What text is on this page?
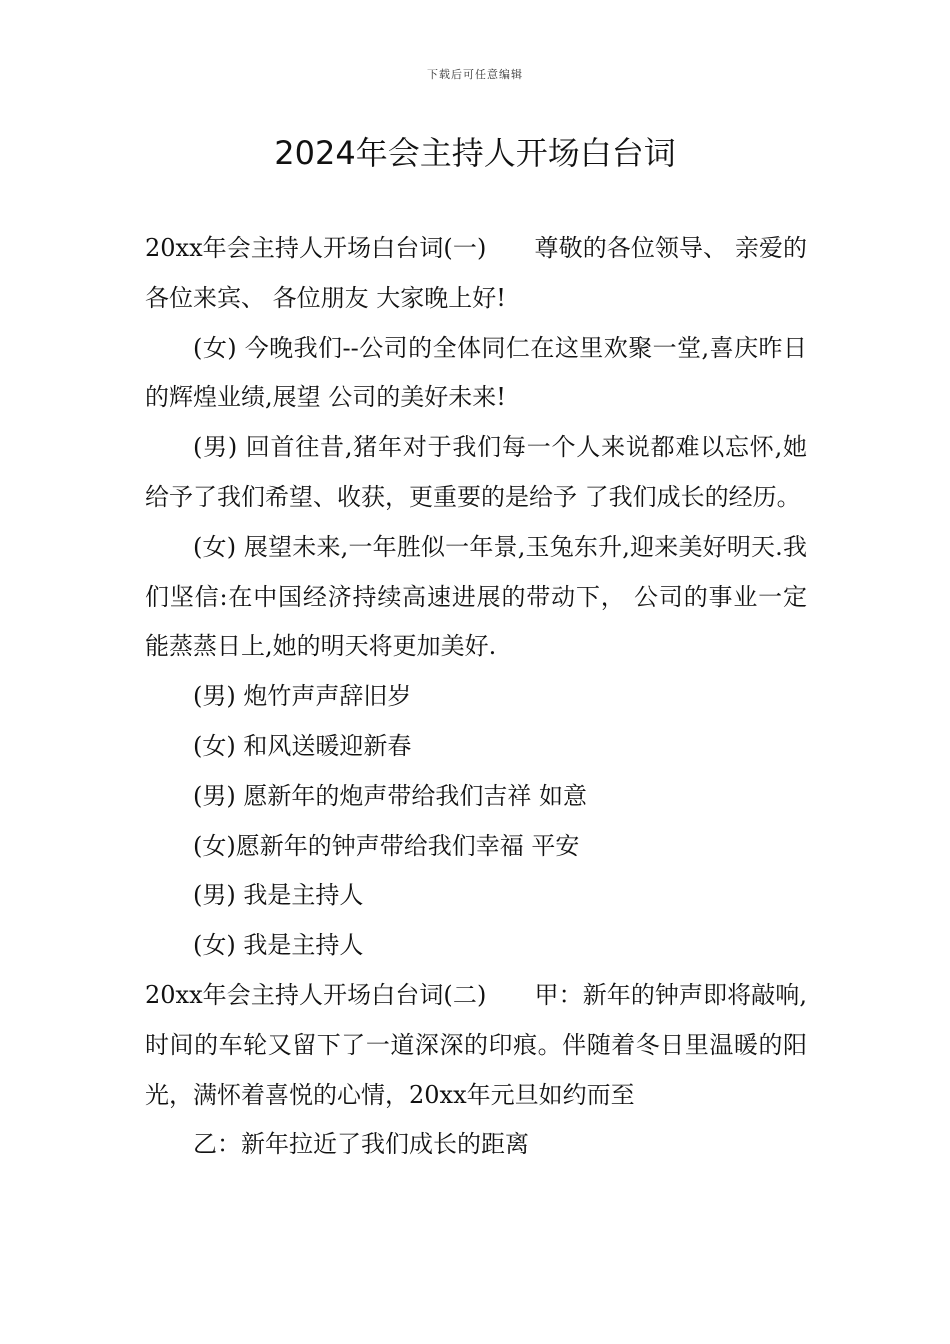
下载后可任意编辑
2024年会主持人开场白台词

20xx年会主持人开场白台词(一)　　尊敬的各位领导、 亲爱的各位来宾、 各位朋友 大家晚上好!

(女) 今晚我们--公司的全体同仁在这里欢聚一堂,喜庆昨日的辉煌业绩,展望 公司的美好未来!

(男) 回首往昔,猪年对于我们每一个人来说都难以忘怀,她给予了我们希望、收获，更重要的是给予 了我们成长的经历。

(女) 展望未来,一年胜似一年景,玉兔东升,迎来美好明天.我们坚信:在中国经济持续高速进展的带动下， 公司的事业一定能蒸蒸日上,她的明天将更加美好.

(男) 炮竹声声辞旧岁

(女) 和风送暖迎新春

(男) 愿新年的炮声带给我们吉祥 如意

(女)愿新年的钟声带给我们幸福 平安

(男) 我是主持人

(女) 我是主持人

20xx年会主持人开场白台词(二)　　甲：新年的钟声即将敲响,时间的车轮又留下了一道深深的印痕。伴随着冬日里温暖的阳光，满怀着喜悦的心情，20xx年元旦如约而至

乙：新年拉近了我们成长的距离
